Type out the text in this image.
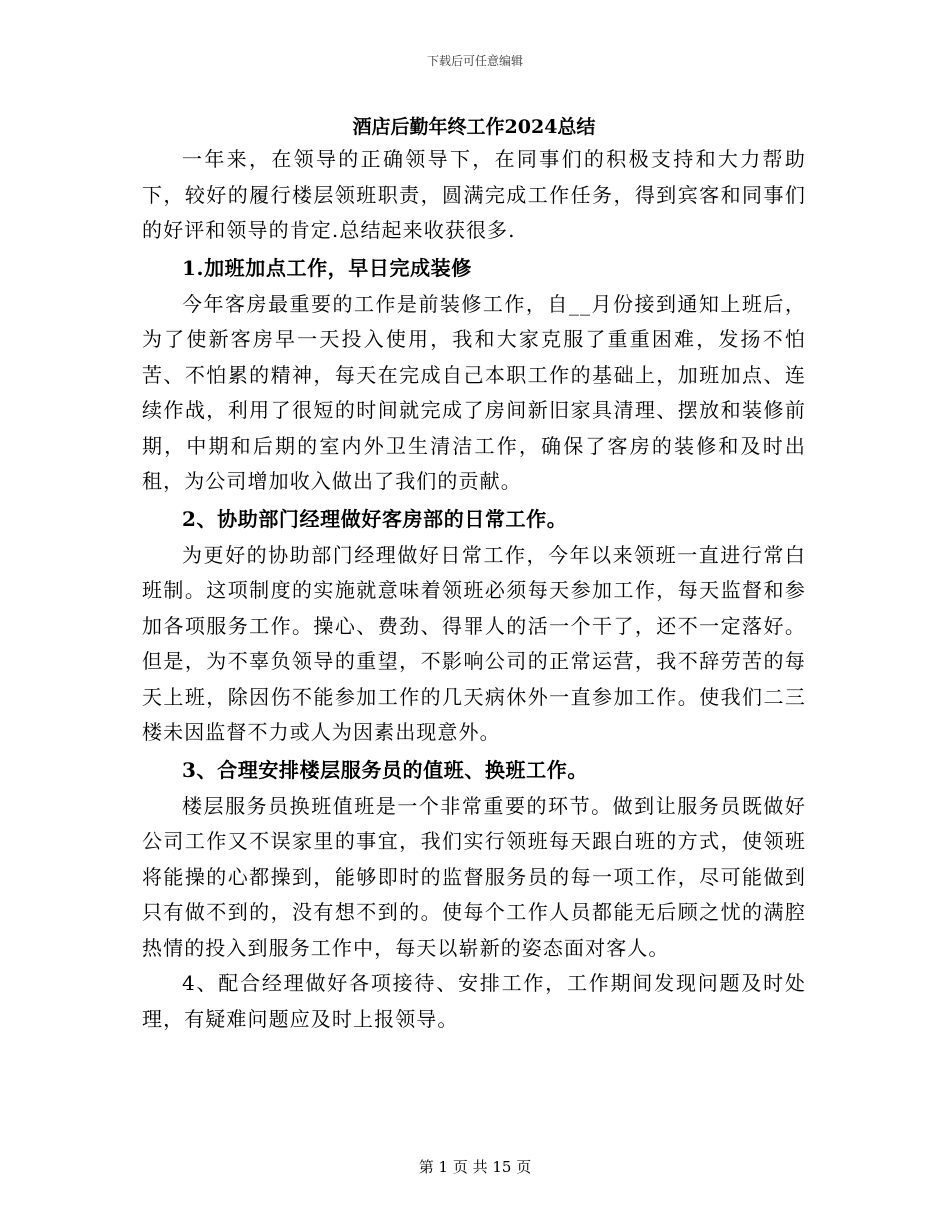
下载后可任意编辑
酒店后勤年终工作2024总结

一年来，在领导的正确领导下，在同事们的积极支持和大力帮助下，较好的履行楼层领班职责，圆满完成工作任务，得到宾客和同事们的好评和领导的肯定.总结起来收获很多.

1.加班加点工作，早日完成装修

今年客房最重要的工作是前装修工作，自__月份接到通知上班后，为了使新客房早一天投入使用，我和大家克服了重重困难，发扬不怕苦、不怕累的精神，每天在完成自己本职工作的基础上，加班加点、连续作战，利用了很短的时间就完成了房间新旧家具清理、摆放和装修前期，中期和后期的室内外卫生清洁工作，确保了客房的装修和及时出租，为公司增加收入做出了我们的贡献。

2、协助部门经理做好客房部的日常工作。

为更好的协助部门经理做好日常工作，今年以来领班一直进行常白班制。这项制度的实施就意味着领班必须每天参加工作，每天监督和参加各项服务工作。操心、费劲、得罪人的活一个干了，还不一定落好。但是，为不辜负领导的重望，不影响公司的正常运营，我不辞劳苦的每天上班，除因伤不能参加工作的几天病休外一直参加工作。使我们二三楼未因监督不力或人为因素出现意外。

3、合理安排楼层服务员的值班、换班工作。

楼层服务员换班值班是一个非常重要的环节。做到让服务员既做好公司工作又不误家里的事宜，我们实行领班每天跟白班的方式，使领班将能操的心都操到，能够即时的监督服务员的每一项工作，尽可能做到只有做不到的，没有想不到的。使每个工作人员都能无后顾之忧的满腔热情的投入到服务工作中，每天以崭新的姿态面对客人。

4、配合经理做好各项接待、安排工作，工作期间发现问题及时处理，有疑难问题应及时上报领导。

第 1 页 共 15 页
